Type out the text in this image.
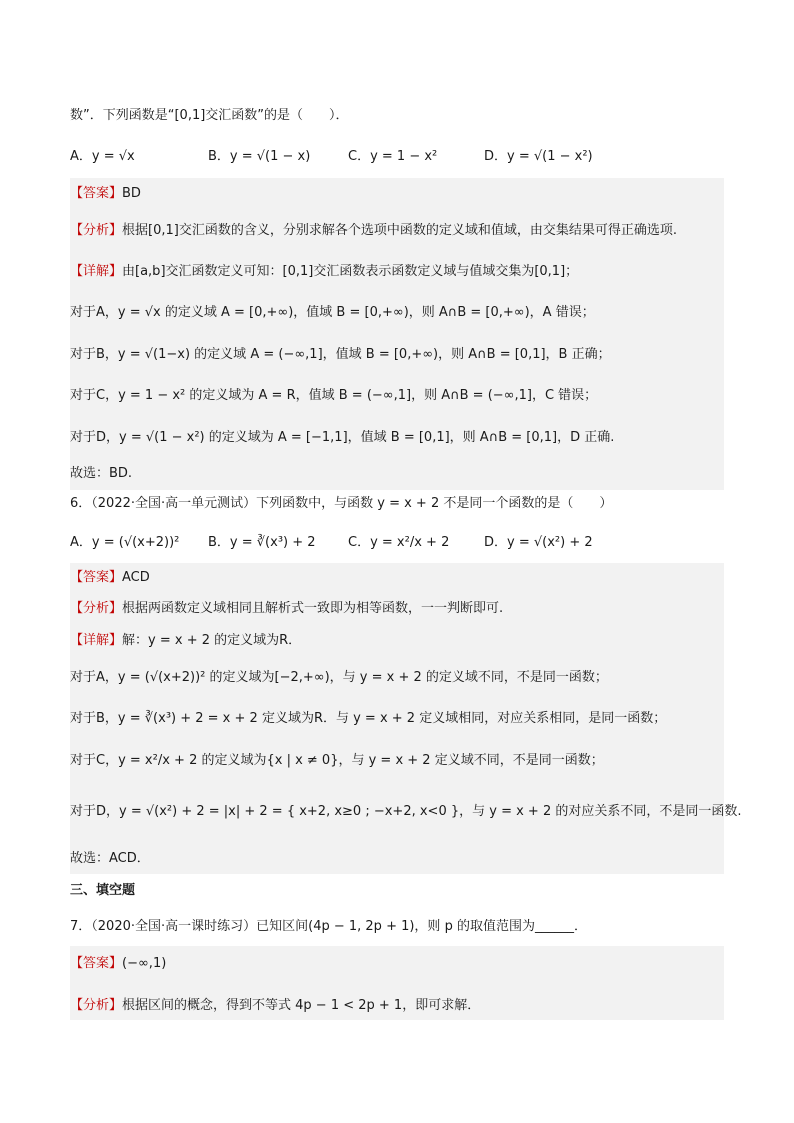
数”．下列函数是“[0,1]交汇函数”的是（　　）．
A．y = √x	B．y = √(1 − x)	C．y = 1 − x²	D．y = √(1 − x²)
【答案】BD
【分析】根据[0,1]交汇函数的含义，分别求解各个选项中函数的定义域和值域，由交集结果可得正确选项.
【详解】由[a,b]交汇函数定义可知：[0,1]交汇函数表示函数定义域与值域交集为[0,1]；
对于A，y = √x 的定义域 A = [0,+∞)，值域 B = [0,+∞)，则 A∩B = [0,+∞)，A 错误；
对于B，y = √(1−x) 的定义域 A = (−∞,1]，值域 B = [0,+∞)，则 A∩B = [0,1]，B 正确；
对于C，y = 1 − x² 的定义域为 A = R，值域 B = (−∞,1]，则 A∩B = (−∞,1]，C 错误；
对于D，y = √(1 − x²) 的定义域为 A = [−1,1]，值域 B = [0,1]，则 A∩B = [0,1]，D 正确.
故选：BD.
6．（2022·全国·高一单元测试）下列函数中，与函数 y = x + 2 不是同一个函数的是（　　）
A．y = (√(x+2))² B．y = ∛(x³) + 2 C．y = x²/x + 2	D．y = √(x²) + 2
【答案】ACD
【分析】根据两函数定义域相同且解析式一致即为相等函数，一一判断即可.
【详解】解：y = x + 2 的定义域为R．
对于A，y = (√(x+2))² 的定义域为[−2,+∞)，与 y = x + 2 的定义域不同，不是同一函数；
对于B，y = ∛(x³) + 2 = x + 2 定义域为R．与 y = x + 2 定义域相同，对应关系相同，是同一函数；
对于C，y = x²/x + 2 的定义域为{x | x ≠ 0}，与 y = x + 2 定义域不同，不是同一函数；
对于D，y = √(x²) + 2 = |x| + 2 = { x+2, x≥0 ; −x+2, x<0 }，与 y = x + 2 的对应关系不同，不是同一函数.
故选：ACD．
三、填空题
7．（2020·全国·高一课时练习）已知区间(4p − 1, 2p + 1)，则 p 的取值范围为______．
【答案】(−∞,1)
【分析】根据区间的概念，得到不等式 4p − 1 < 2p + 1，即可求解．
